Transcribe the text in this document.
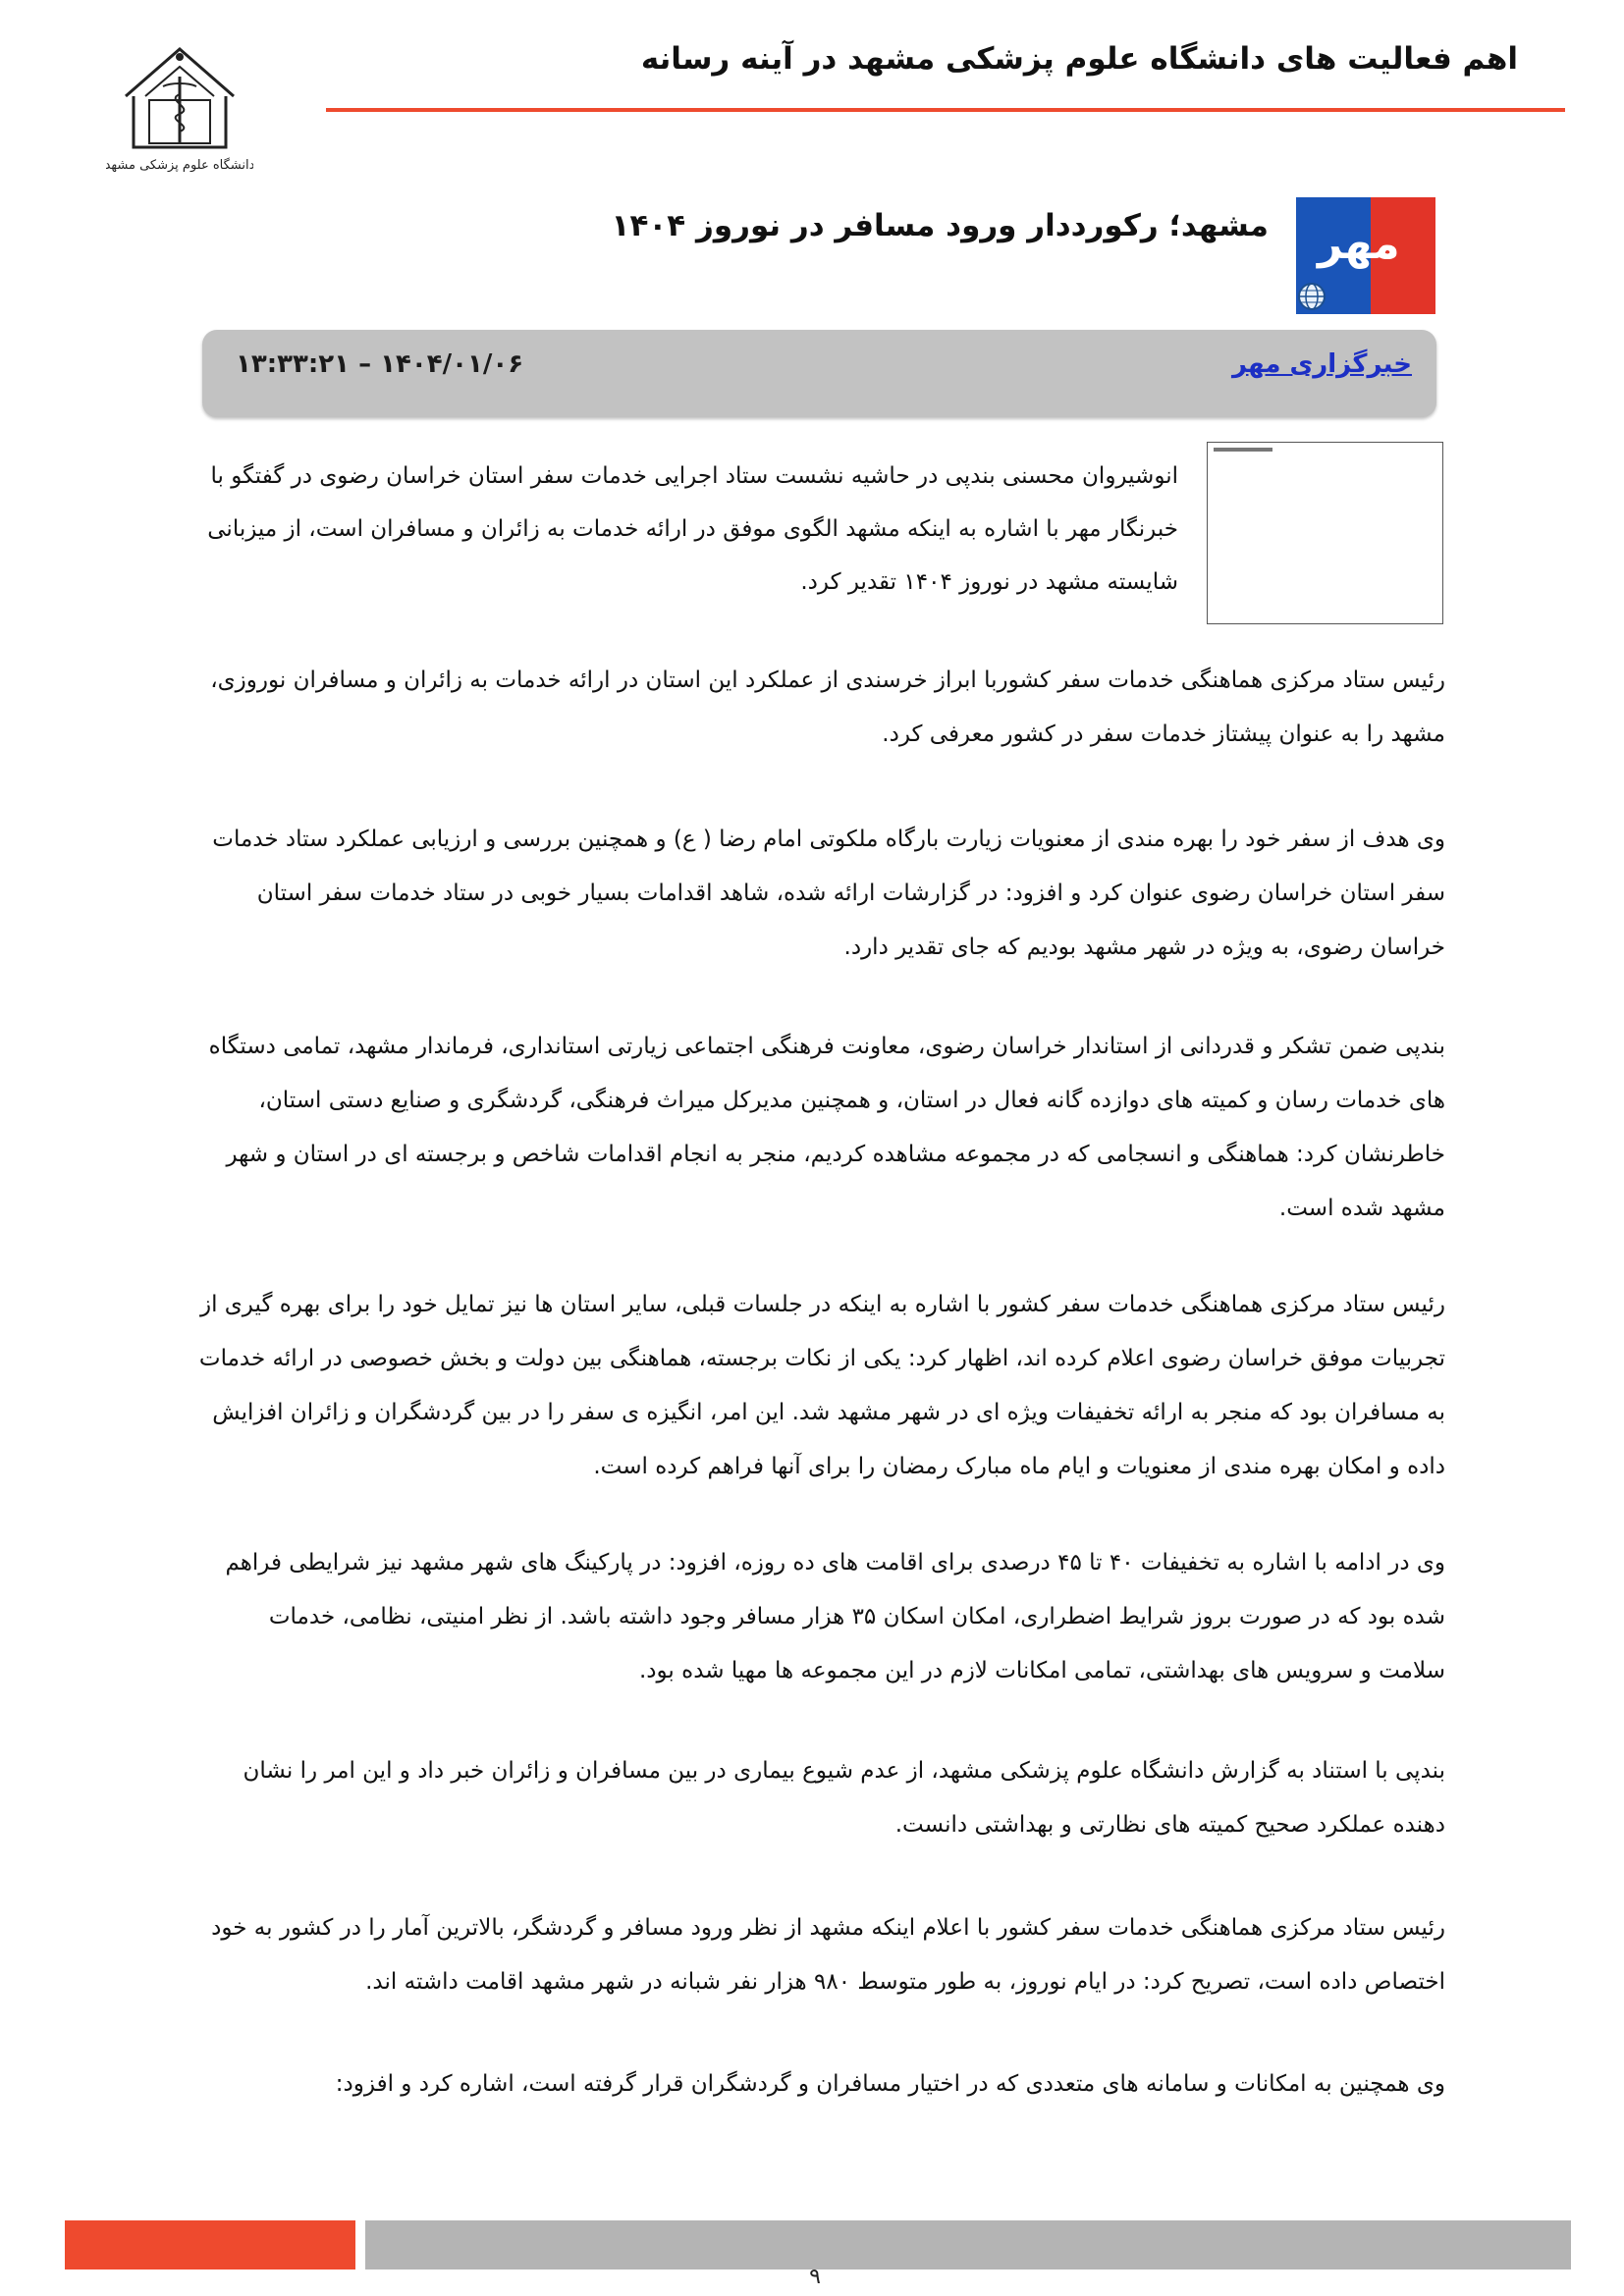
اهم فعالیت های دانشگاه علوم پزشکی مشهد در آینه رسانه
دانشگاه علوم پزشکی مشهد
مهر
مشهد؛ رکورددار ورود مسافر در نوروز ۱۴۰۴
خبرگزاری مهر
۱۴۰۴/۰۱/۰۶ – ۱۳:۳۳:۲۱
انوشیروان محسنی بندپی در حاشیه نشست ستاد اجرایی خدمات سفر استان خراسان رضوی در گفتگو با خبرنگار مهر با اشاره به اینکه مشهد الگوی موفق در ارائه خدمات به زائران و مسافران است، از میزبانی شایسته مشهد در نوروز ۱۴۰۴ تقدیر کرد.
رئیس ستاد مرکزی هماهنگی خدمات سفر کشوربا ابراز خرسندی از عملکرد این استان در ارائه خدمات به زائران و مسافران نوروزی، مشهد را به عنوان پیشتاز خدمات سفر در کشور معرفی کرد.
وی هدف از سفر خود را بهره مندی از معنویات زیارت بارگاه ملکوتی امام رضا ( ع) و همچنین بررسی و ارزیابی عملکرد ستاد خدمات سفر استان خراسان رضوی عنوان کرد و افزود: در گزارشات ارائه شده، شاهد اقدامات بسیار خوبی در ستاد خدمات سفر استان خراسان رضوی، به ویژه در شهر مشهد بودیم که جای تقدیر دارد.
بندپی ضمن تشکر و قدردانی از استاندار خراسان رضوی، معاونت فرهنگی اجتماعی زیارتی استانداری، فرماندار مشهد، تمامی دستگاه های خدمات رسان و کمیته های دوازده گانه فعال در استان، و همچنین مدیرکل میراث فرهنگی، گردشگری و صنایع دستی استان، خاطرنشان کرد: هماهنگی و انسجامی که در مجموعه مشاهده کردیم، منجر به انجام اقدامات شاخص و برجسته ای در استان و شهر مشهد شده است.
رئیس ستاد مرکزی هماهنگی خدمات سفر کشور با اشاره به اینکه در جلسات قبلی، سایر استان ها نیز تمایل خود را برای بهره گیری از تجربیات موفق خراسان رضوی اعلام کرده اند، اظهار کرد: یکی از نکات برجسته، هماهنگی بین دولت و بخش خصوصی در ارائه خدمات به مسافران بود که منجر به ارائه تخفیفات ویژه ای در شهر مشهد شد. این امر، انگیزه ی سفر را در بین گردشگران و زائران افزایش داده و امکان بهره مندی از معنویات و ایام ماه مبارک رمضان را برای آنها فراهم کرده است.
وی در ادامه با اشاره به تخفیفات ۴۰ تا ۴۵ درصدی برای اقامت های ده روزه، افزود: در پارکینگ های شهر مشهد نیز شرایطی فراهم شده بود که در صورت بروز شرایط اضطراری، امکان اسکان ۳۵ هزار مسافر وجود داشته باشد. از نظر امنیتی، نظامی، خدمات سلامت و سرویس های بهداشتی، تمامی امکانات لازم در این مجموعه ها مهیا شده بود.
بندپی با استناد به گزارش دانشگاه علوم پزشکی مشهد، از عدم شیوع بیماری در بین مسافران و زائران خبر داد و این امر را نشان دهنده عملکرد صحیح کمیته های نظارتی و بهداشتی دانست.
رئیس ستاد مرکزی هماهنگی خدمات سفر کشور با اعلام اینکه مشهد از نظر ورود مسافر و گردشگر، بالاترین آمار را در کشور به خود اختصاص داده است، تصریح کرد: در ایام نوروز، به طور متوسط ۹۸۰ هزار نفر شبانه در شهر مشهد اقامت داشته اند.
وی همچنین به امکانات و سامانه های متعددی که در اختیار مسافران و گردشگران قرار گرفته است، اشاره کرد و افزود:
۹
